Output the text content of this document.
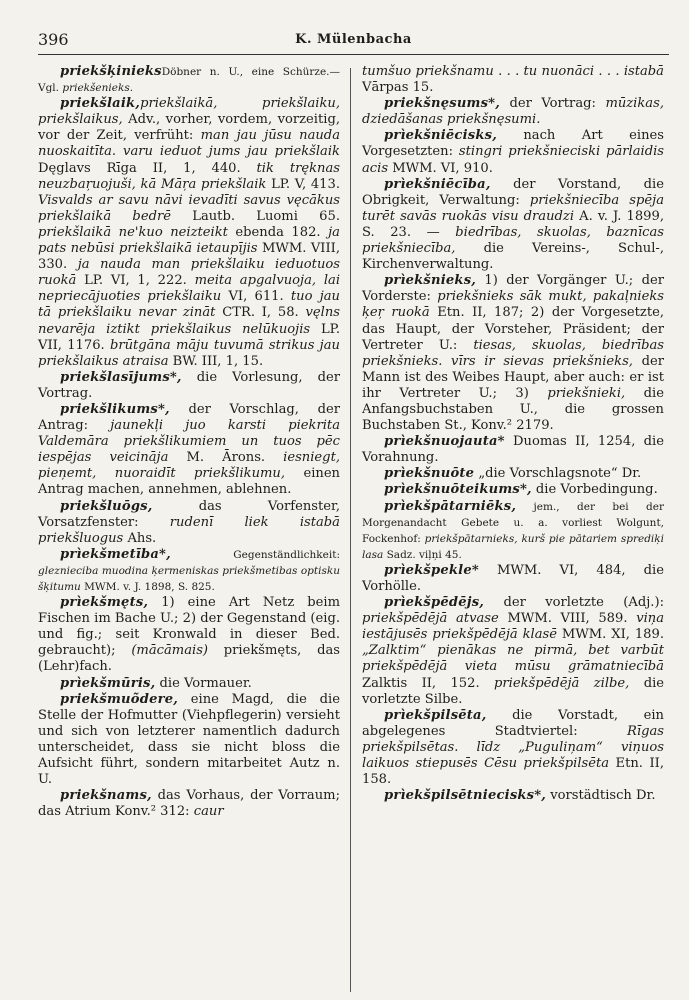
396	K. Mülenbacha

priekšķinieksDöbner n. U., eine Schürze.— Vgl. priekšenieks.

priekšlaik,priekšlaikā, priekšlaiku, priekšlaikus, Adv., vorher, vordem, vorzeitig, vor der Zeit, verfrüht: man jau jūsu nauda nuoskaitīta. varu ieduot jums jau priekšlaik Dęglavs Rīga II, 1, 440. tik tręknas neuzbaŗuojuši, kā Māŗa priekšlaik LP. V, 413. Visvalds ar savu nāvi ievadīti savus vęcākus priekšlaikā bedrē Lautb. Luomi 65. priekšlaikā ne'kuo neizteikt ebenda 182. ja pats nebūsi priekšlaikā ietaupījis MWM. VIII, 330. ja nauda man priekšlaiku ieduotuos ruokā LP. VI, 1, 222. meita apgalvuoja, lai nepriecājuoties priekšlaiku VI, 611. tuo jau tā priekšlaiku nevar zināt CTR. I, 58. vęlns nevarēja iztikt priekšlaikus nelūkuojis LP. VII, 1176. brūtgāna māju tuvumā strikus jau priekšlaikus atraisa BW. III, 1, 15.

priekšlasījums*, die Vorlesung, der Vortrag.

priekšlikums*, der Vorschlag, der Antrag: jaunekļi juo karsti piekrita Valdemāra priekšlikumiem un tuos pēc iespējas veicināja M. Ārons. iesniegt, pieņemt, nuoraidīt priekšlikumu, einen Antrag machen, annehmen, ablehnen.

priekšluōgs, das Vorfenster, Vorsatzfenster: rudenī liek istabā priekšluogus Ahs.

prìekšmetība*, Gegenständlichkeit: gleznieciba muodina ķermeniskas priekšmetibas optisku šķitumu MWM. v. J. 1898, S. 825.

prìekšmęts, 1) eine Art Netz beim Fischen im Bache U.; 2) der Gegenstand (eig. und fig.; seit Kronwald in dieser Bed. gebraucht); (mācāmais) priekšmęts, das (Lehr)fach.

prìekšmūris, die Vormauer.

priekšmuõdere, eine Magd, die die Stelle der Hofmutter (Viehpflegerin) versieht und sich von letzterer namentlich dadurch unterscheidet, dass sie nicht bloss die Aufsicht führt, sondern mitarbeitet Autz n. U.

priekšnams, das Vorhaus, der Vorraum; das Atrium Konv.² 312: caur

tumšuo priekšnamu . . . tu nuonāci . . . istabā Vārpas 15.

priekšnęsums*, der Vortrag: mūzikas, dziedāšanas priekšnęsumi.

prìekšniēcisks, nach Art eines Vorgesetzten: stingri priekšnieciski pārlaidis acis MWM. VI, 910.

prìekšniēcība, der Vorstand, die Obrigkeit, Verwaltung: priekšniecība spēja turēt savās ruokās visu draudzi A. v. J. 1899, S. 23. — biedrības, skuolas, baznīcas priekšniecība, die Vereins-, Schul-, Kirchenverwaltung.

prìekšnieks, 1) der Vorgänger U.; der Vorderste: priekšnieks sāk mukt, pakaļnieks ķeŗ ruokā Etn. II, 187; 2) der Vorgesetzte, das Haupt, der Vorsteher, Präsident; der Vertreter U.: tiesas, skuolas, biedrības priekšnieks. vīrs ir sievas priekšnieks, der Mann ist des Weibes Haupt, aber auch: er ist ihr Vertreter U.; 3) priekšnieki, die Anfangsbuchstaben U., die grossen Buchstaben St., Konv.² 2179.

prìekšnuojauta* Duomas II, 1254, die Vorahnung.

prìekšnuōte „die Vorschlagsnote“ Dr.

prìekšnuōteikums*, die Vorbedingung.

prìekšpātarniēks, jem., der bei der Morgenandacht Gebete u. a. vorliest Wolgunt, Fockenhof: priekšpātarnieks, kurš pie pātariem sprediķi lasa Sadz. viļņi 45.

prìekšpekle* MWM. VI, 484, die Vorhölle.

prìekšpēdējs, der vorletzte (Adj.): priekšpēdējā atvase MWM. VIII, 589. viņa iestājusēs priekšpēdējā klasē MWM. XI, 189. „Zalktim“ pienākas ne pirmā, bet varbūt priekšpēdējā vieta mūsu grāmatniecībā Zalktis II, 152. priekšpēdējā zilbe, die vorletzte Silbe.

prìekšpilsēta, die Vorstadt, ein abgelegenes Stadtviertel: Rīgas priekšpilsētas. līdz „Puguliņam“ viņuos laikuos stiepusēs Cēsu priekšpilsēta Etn. II, 158.

prìekšpilsētniecisks*, vorstädtisch Dr.
